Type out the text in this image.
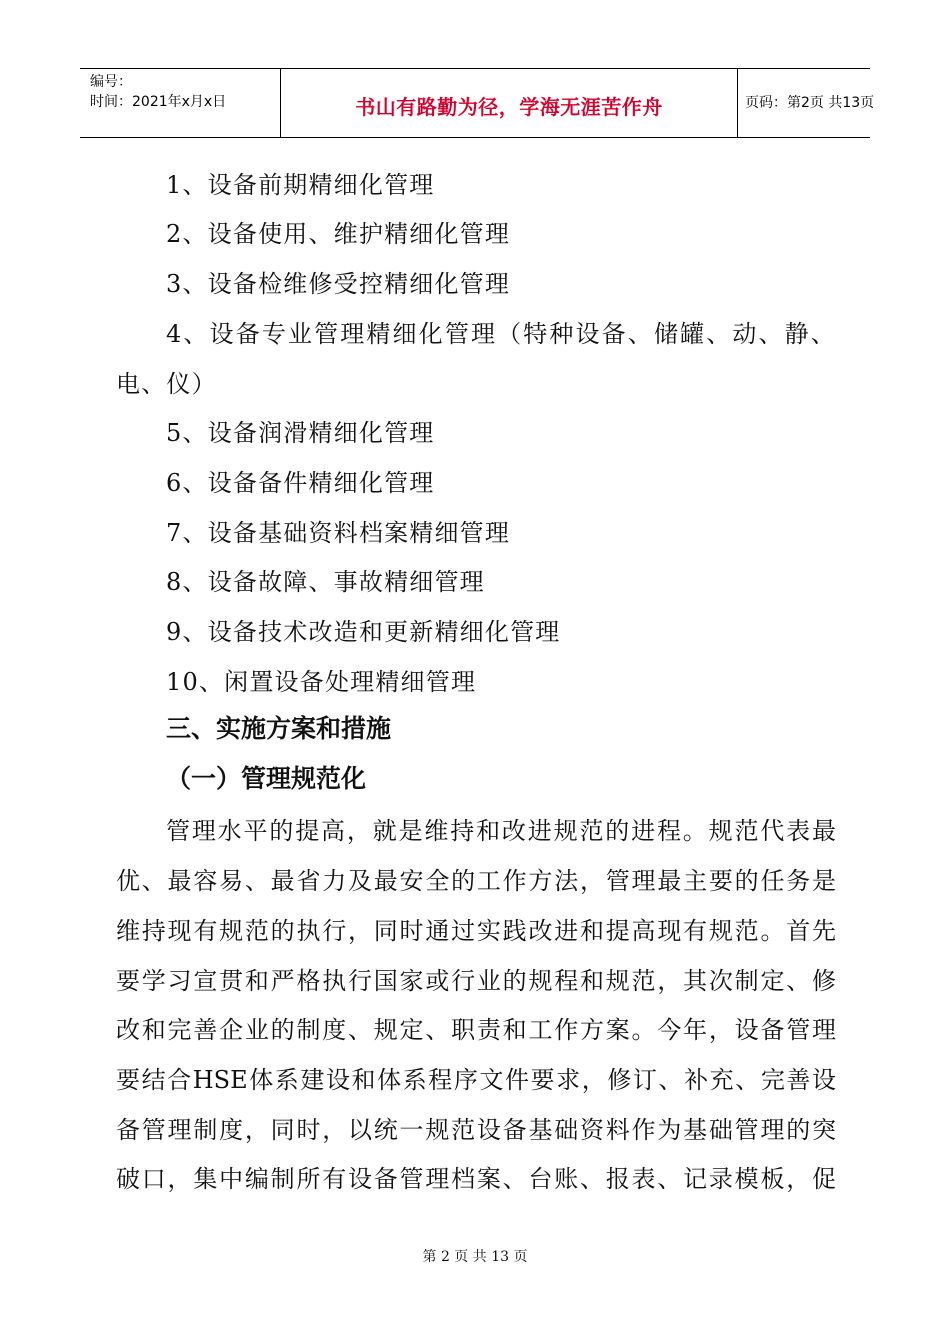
编号：
时间：2021年x月x日	书山有路勤为径，学海无涯苦作舟	页码：第2页 共13页
1、设备前期精细化管理
2、设备使用、维护精细化管理
3、设备检维修受控精细化管理
4、设备专业管理精细化管理（特种设备、储罐、动、静、
电、仪）
5、设备润滑精细化管理
6、设备备件精细化管理
7、设备基础资料档案精细管理
8、设备故障、事故精细管理
9、设备技术改造和更新精细化管理
10、闲置设备处理精细管理
三、实施方案和措施
（一）管理规范化
管理水平的提高，就是维持和改进规范的进程。规范代表最
优、最容易、最省力及最安全的工作方法，管理最主要的任务是
维持现有规范的执行，同时通过实践改进和提高现有规范。首先
要学习宣贯和严格执行国家或行业的规程和规范，其次制定、修
改和完善企业的制度、规定、职责和工作方案。今年，设备管理
要结合HSE体系建设和体系程序文件要求，修订、补充、完善设
备管理制度，同时，以统一规范设备基础资料作为基础管理的突
破口，集中编制所有设备管理档案、台账、报表、记录模板，促
第 2 页 共 13 页
